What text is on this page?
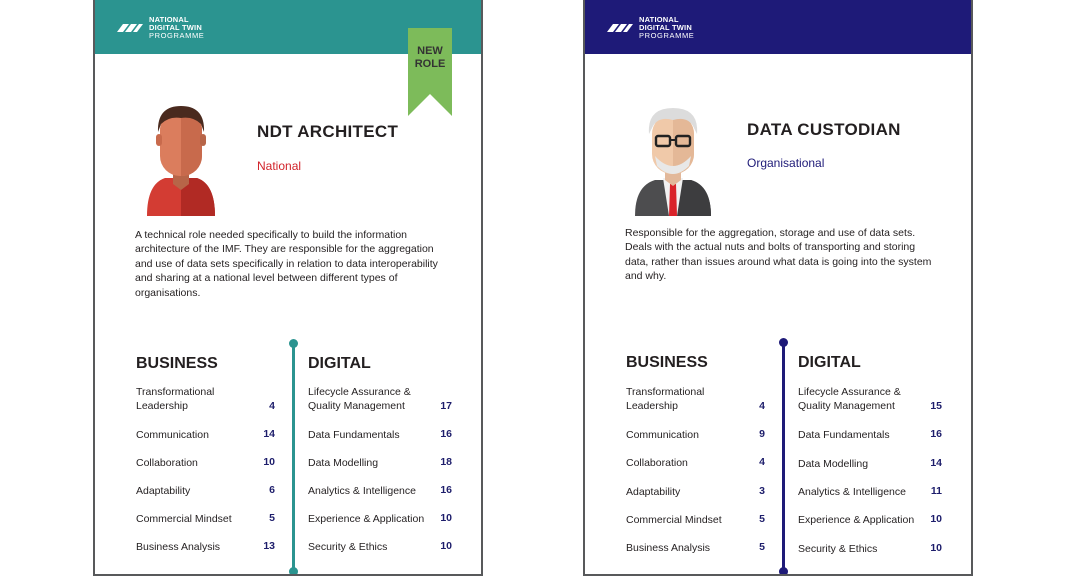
NATIONAL
DIGITAL TWIN
PROGRAMME
NEW
ROLE
NDT ARCHITECT
National
A technical role needed specifically to build the information architecture of the IMF. They are responsible for the aggregation and use of data sets specifically in relation to data interoperability and sharing at a national level between different types of organisations.
BUSINESS	DIGITAL
Transformational Leadership	4
Communication	14
Collaboration	10
Adaptability	6
Commercial Mindset	5
Business Analysis	13
Lifecycle Assurance & Quality Management	17
Data Fundamentals	16
Data Modelling	18
Analytics & Intelligence	16
Experience & Application	10
Security & Ethics	10
NATIONAL
DIGITAL TWIN
PROGRAMME
DATA CUSTODIAN
Organisational
Responsible for the aggregation, storage and use of data sets. Deals with the actual nuts and bolts of transporting and storing data, rather than issues around what data is going into the system and why.
BUSINESS	DIGITAL
Transformational Leadership	4
Communication	9
Collaboration	4
Adaptability	3
Commercial Mindset	5
Business Analysis	5
Lifecycle Assurance & Quality Management	15
Data Fundamentals	16
Data Modelling	14
Analytics & Intelligence	11
Experience & Application	10
Security & Ethics	10
